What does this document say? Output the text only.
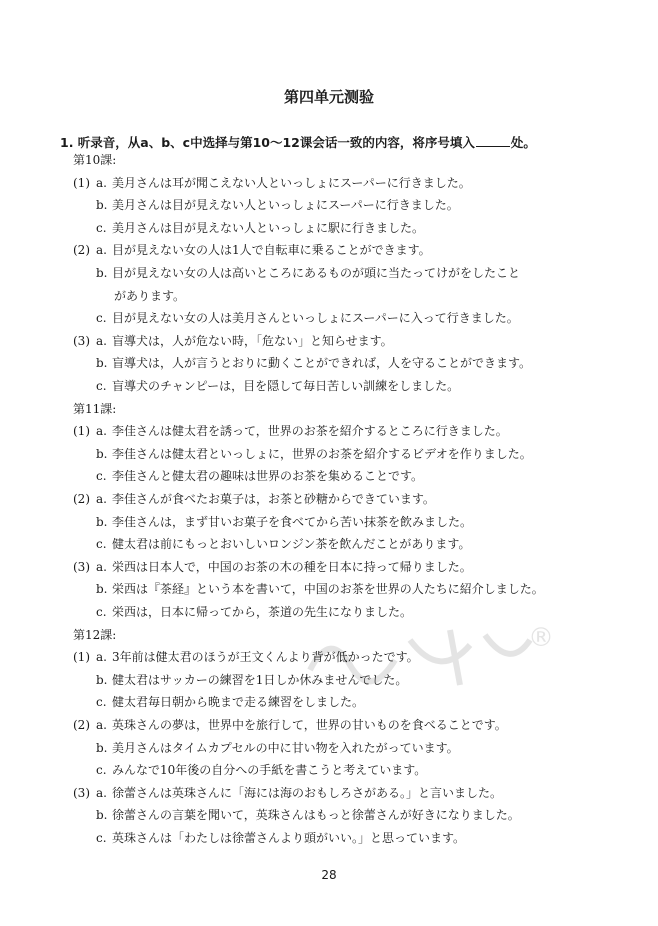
第四单元测验
1. 听录音，从a、b、c中选择与第10～12课会话一致的内容，将序号填入	处。
第10課:
(1) a. 美月さんは耳が聞こえない人といっしょにスーパーに行きました。
b. 美月さんは目が見えない人といっしょにスーパーに行きました。
c. 美月さんは目が見えない人といっしょに駅に行きました。
(2) a. 目が見えない女の人は1人で自転車に乗ることができます。
b. 目が見えない女の人は高いところにあるものが頭に当たってけがをしたこと
があります。
c. 目が見えない女の人は美月さんといっしょにスーパーに入って行きました。
(3) a. 盲導犬は，人が危ない時，「危ない」と知らせます。
b. 盲導犬は，人が言うとおりに動くことができれば，人を守ることができます。
c. 盲導犬のチャンピーは，目を隠して毎日苦しい訓練をしました。
第11課:
(1) a. 李佳さんは健太君を誘って，世界のお茶を紹介するところに行きました。
b. 李佳さんは健太君といっしょに，世界のお茶を紹介するビデオを作りました。
c. 李佳さんと健太君の趣味は世界のお茶を集めることです。
(2) a. 李佳さんが食べたお菓子は，お茶と砂糖からできています。
b. 李佳さんは，まず甘いお菓子を食べてから苦い抹茶を飲みました。
c. 健太君は前にもっとおいしいロンジン茶を飲んだことがあります。
(3) a. 栄西は日本人で，中国のお茶の木の種を日本に持って帰りました。
b. 栄西は『茶経』という本を書いて，中国のお茶を世界の人たちに紹介しました。
c. 栄西は，日本に帰ってから，茶道の先生になりました。
第12課:
(1) a. 3年前は健太君のほうが王文くんより背が低かったです。
b. 健太君はサッカーの練習を1日しか休みませんでした。
c. 健太君毎日朝から晩まで走る練習をしました。
(2) a. 英珠さんの夢は，世界中を旅行して，世界の甘いものを食べることです。
b. 美月さんはタイムカプセルの中に甘い物を入れたがっています。
c. みんなで10年後の自分への手紙を書こうと考えています。
(3) a. 徐蕾さんは英珠さんに「海には海のおもしろさがある。」と言いました。
b. 徐蕾さんの言葉を聞いて，英珠さんはもっと徐蕾さんが好きになりました。
c. 英珠さんは「わたしは徐蕾さんより頭がいい。」と思っています。
®
28
